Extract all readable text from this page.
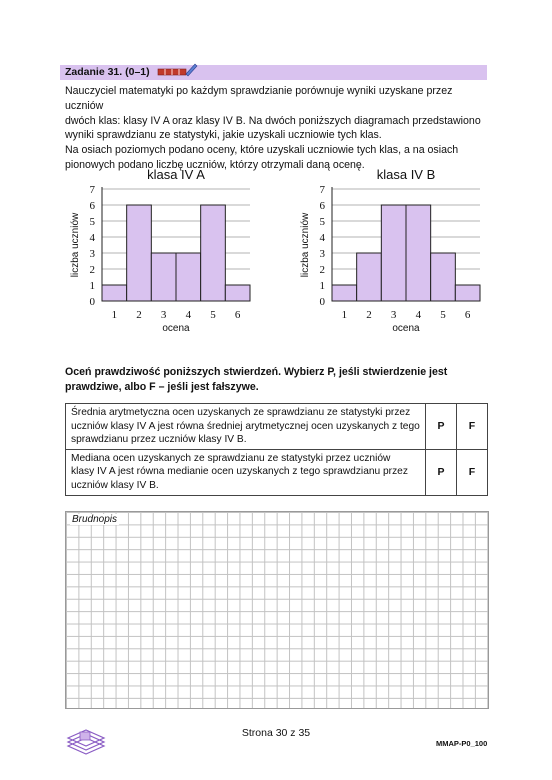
Zadanie 31. (0–1)

Nauczyciel matematyki po każdym sprawdzianie porównuje wyniki uzyskane przez uczniów

dwóch klas: klasy IV A oraz klasy IV B. Na dwóch poniższych diagramach przedstawiono

wyniki sprawdzianu ze statystyki, jakie uzyskali uczniowie tych klas.

Na osiach poziomych podano oceny, które uzyskali uczniowie tych klas, a na osiach

pionowych podano liczbę uczniów, którzy otrzymali daną ocenę.

klasa IV A
0
1
2
3
4
5
6
7
1 2 3 4 5 6
ocena
liczba uczniów
klasa IV B
0
1
2
3
4
5
6
7
1 2 3 4 5 6
ocena
liczba uczniów
Oceń prawdziwość poniższych stwierdzeń. Wybierz P, jeśli stwierdzenie jest
prawdziwe, albo F – jeśli jest fałszywe.
Średnia arytmetyczna ocen uzyskanych ze sprawdzianu ze statystyki przez
uczniów klasy IV A jest równa średniej arytmetycznej ocen uzyskanych z tego
sprawdzianu przez uczniów klasy IV B.	P	F

Mediana ocen uzyskanych ze sprawdzianu ze statystyki przez uczniów
klasy IV A jest równa medianie ocen uzyskanych z tego sprawdzianu przez
uczniów klasy IV B.	P	F
Brudnopis
Strona 30 z 35
MMAP-P0_100
